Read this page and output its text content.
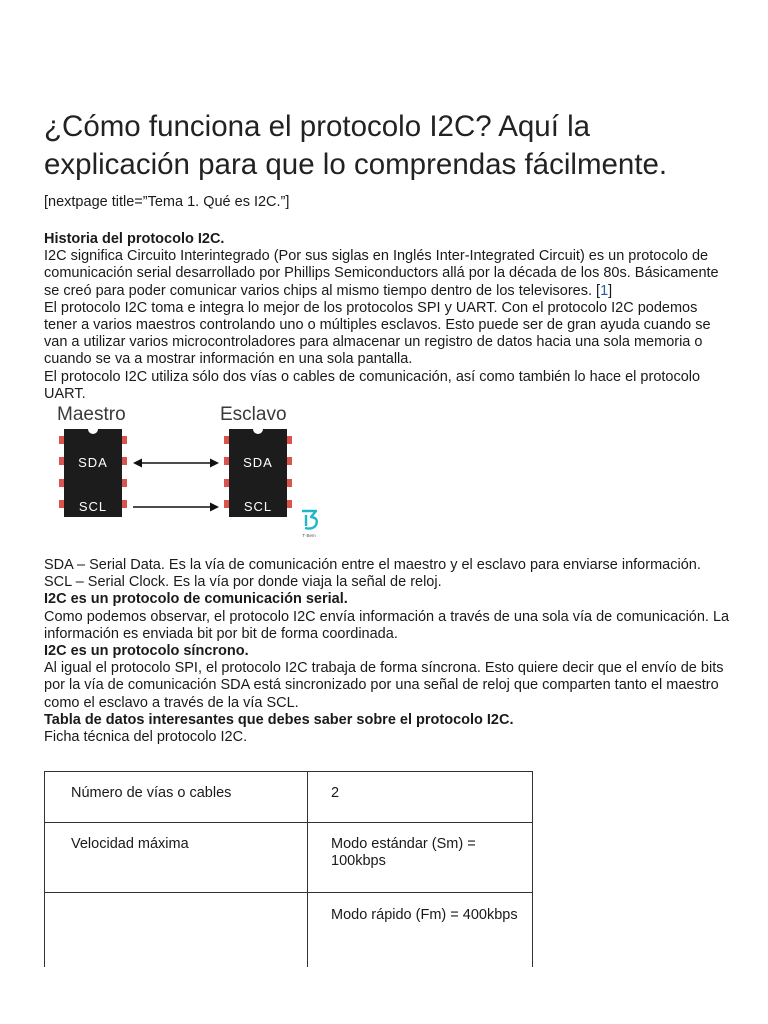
¿Cómo funciona el protocolo I2C? Aquí la explicación para que lo comprendas fácilmente.
[nextpage title=”Tema 1. Qué es I2C.”]

Historia del protocolo I2C.

I2C significa Circuito Interintegrado (Por sus siglas en Inglés Inter-Integrated Circuit) es un protocolo de comunicación serial desarrollado por Phillips Semiconductors allá por la década de los 80s. Básicamente se creó para poder comunicar varios chips al mismo tiempo dentro de los televisores. [1]

El protocolo I2C toma e integra lo mejor de los protocolos SPI y UART. Con el protocolo I2C podemos tener a varios maestros controlando uno o múltiples esclavos. Esto puede ser de gran ayuda cuando se van a utilizar varios microcontroladores para almacenar un registro de datos hacia una sola memoria o cuando se va a mostrar información en una sola pantalla.

El protocolo I2C utiliza sólo dos vías o cables de comunicación, así como también lo hace el protocolo UART.

Maestro	Esclavo
SDA
SCL
SDA
SCL
T·Bem

SDA – Serial Data. Es la vía de comunicación entre el maestro y el esclavo para enviarse información.

SCL – Serial Clock. Es la vía por donde viaja la señal de reloj.

I2C es un protocolo de comunicación serial.

Como podemos observar, el protocolo I2C envía información a través de una sola vía de comunicación. La información es enviada bit por bit de forma coordinada.

I2C es un protocolo síncrono.

Al igual el protocolo SPI, el protocolo I2C trabaja de forma síncrona. Esto quiere decir que el envío de bits por la vía de comunicación SDA está sincronizado por una señal de reloj que comparten tanto el maestro como el esclavo a través de la vía SCL.

Tabla de datos interesantes que debes saber sobre el protocolo I2C.

Ficha técnica del protocolo I2C.

Número de vías o cables	2

Velocidad máxima	Modo estándar (Sm) = 100kbps

	Modo rápido (Fm) = 400kbps
